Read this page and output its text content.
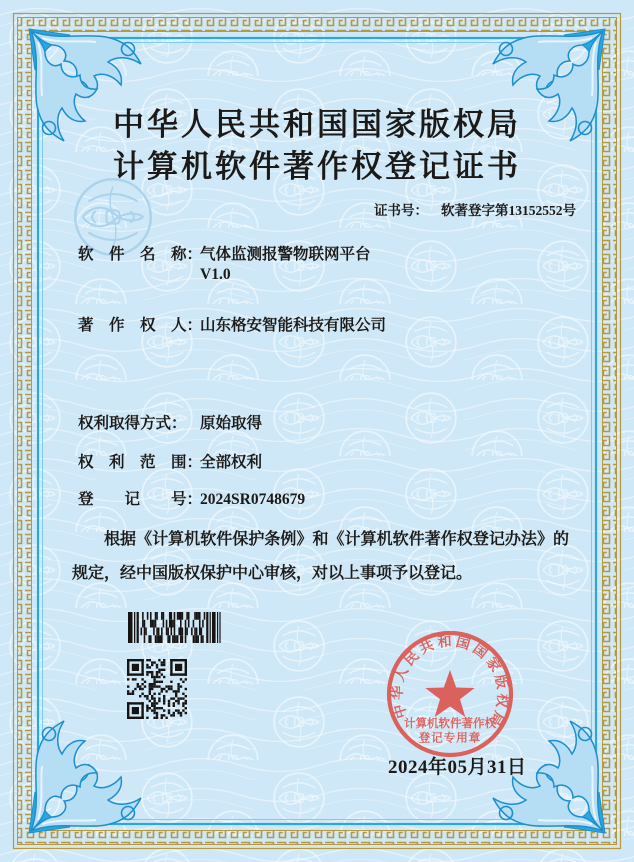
中华人民共和国国家版权局
计算机软件著作权登记证书
证书号： 软著登字第13152552号
软　件　名　称：气体监测报警物联网平台
V1.0
著　作　权　人：山东格安智能科技有限公司
权利取得方式： 原始取得
权　利　范　围：全部权利
登　　记　　号：2024SR0748679
根据《计算机软件保护条例》和《计算机软件著作权登记办法》的规定，经中国版权保护中心审核，对以上事项予以登记。
中华人民共和国国家版权局
计算机软件著作权
登记专用章
2024年05月31日
